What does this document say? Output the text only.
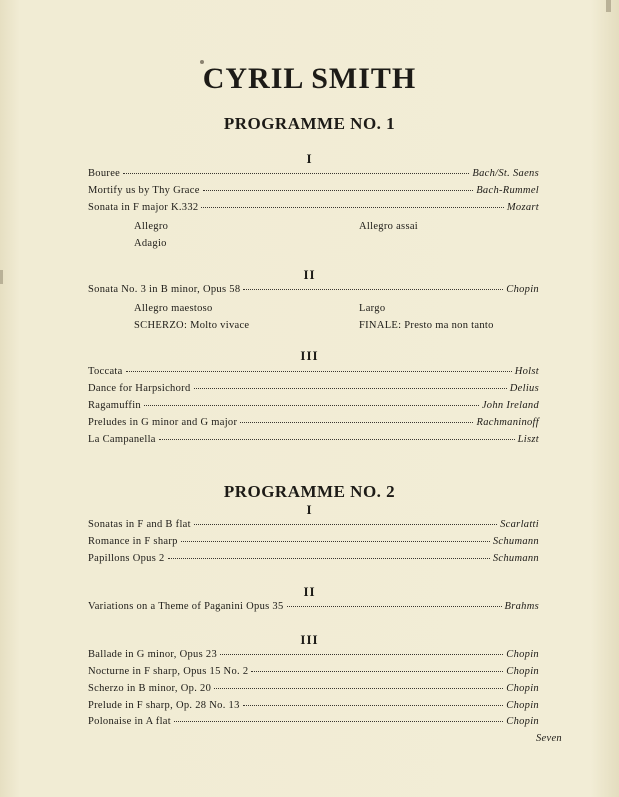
CYRIL SMITH
PROGRAMME NO. 1
I
Bouree	Bach/St. Saens
Mortify us by Thy Grace	Bach-Rummel
Sonata in F major K.332	Mozart
Allegro	Allegro assai
Adagio
II
Sonata No. 3 in B minor, Opus 58	Chopin
Allegro maestoso	Largo
SCHERZO: Molto vivace	FINALE: Presto ma non tanto
III
Toccata	Holst
Dance for Harpsichord	Delius
Ragamuffin	John Ireland
Preludes in G minor and G major	Rachmaninoff
La Campanella	Liszt
PROGRAMME NO. 2
I
Sonatas in F and B flat	Scarlatti
Romance in F sharp	Schumann
Papillons Opus 2	Schumann
II
Variations on a Theme of Paganini Opus 35	Brahms
III
Ballade in G minor, Opus 23	Chopin
Nocturne in F sharp, Opus 15 No. 2	Chopin
Scherzo in B minor, Op. 20	Chopin
Prelude in F sharp, Op. 28 No. 13	Chopin
Polonaise in A flat	Chopin
Seven
